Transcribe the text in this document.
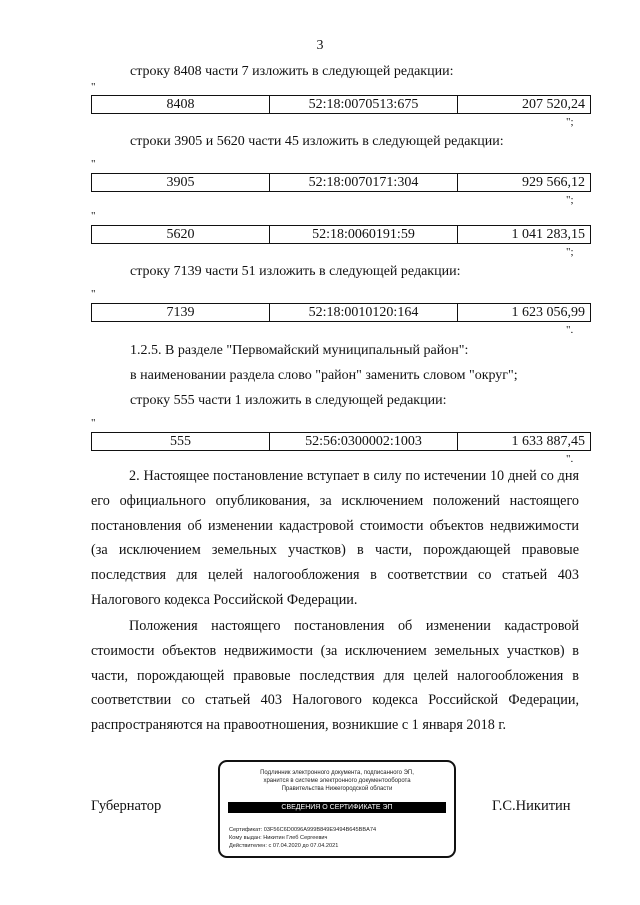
3
строку 8408 части 7 изложить в следующей редакции:
"
8408	52:18:0070513:675	207 520,24
";
строки 3905 и 5620 части 45 изложить в следующей редакции:
"
3905	52:18:0070171:304	929 566,12
";
"
5620	52:18:0060191:59	1 041 283,15
";
строку 7139 части 51 изложить в следующей редакции:
"
7139	52:18:0010120:164	1 623 056,99
".
1.2.5. В разделе "Первомайский муниципальный район":
в наименовании раздела слово "район" заменить словом "округ";
строку 555 части 1 изложить в следующей редакции:
"
555	52:56:0300002:1003	1 633 887,45
".

2. Настоящее постановление вступает в силу по истечении 10 дней со дня его официального опубликования, за исключением положений настоящего постановления об изменении кадастровой стоимости объектов недвижимости (за исключением земельных участков) в части, порождающей правовые последствия для целей налогообложения в соответствии со статьей 403 Налогового кодекса Российской Федерации.

Положения настоящего постановления об изменении кадастровой стоимости объектов недвижимости (за исключением земельных участков) в части, порождающей правовые последствия для целей налогообложения в соответствии со статьей 403 Налогового кодекса Российской Федерации, распространяются на правоотношения, возникшие с 1 января 2018 г.

Губернатор	Г.С.Никитин
Подлинник электронного документа, подписанного ЭП,
хранится в системе электронного документооборота
Правительства Нижегородской области
СВЕДЕНИЯ О СЕРТИФИКАТЕ ЭП
Сертификат: 03F56C6D0096A999B849E9494B645BBA74
Кому выдан: Никитин Глеб Сергеевич
Действителен: с 07.04.2020 до 07.04.2021
